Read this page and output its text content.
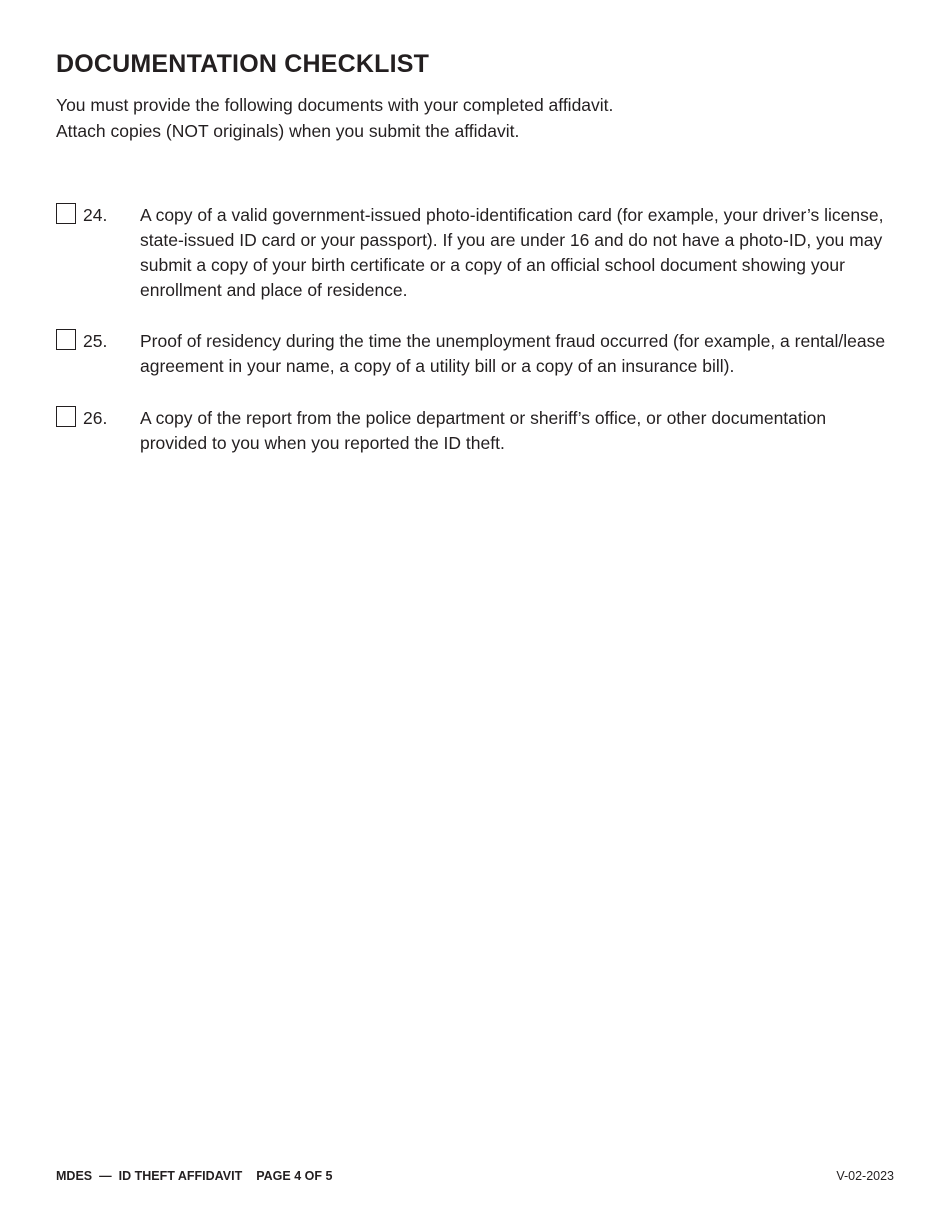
DOCUMENTATION CHECKLIST
You must provide the following documents with your completed affidavit.
Attach copies (NOT originals) when you submit the affidavit.
24. A copy of a valid government-issued photo-identification card (for example, your driver’s license, state-issued ID card or your passport). If you are under 16 and do not have a photo-ID, you may submit a copy of your birth certificate or a copy of an official school document showing your enrollment and place of residence.
25. Proof of residency during the time the unemployment fraud occurred (for example, a rental/lease agreement in your name, a copy of a utility bill or a copy of an insurance bill).
26. A copy of the report from the police department or sheriff’s office, or other documentation provided to you when you reported the ID theft.
MDES — ID THEFT AFFIDAVIT PAGE 4 OF 5	V-02-2023
